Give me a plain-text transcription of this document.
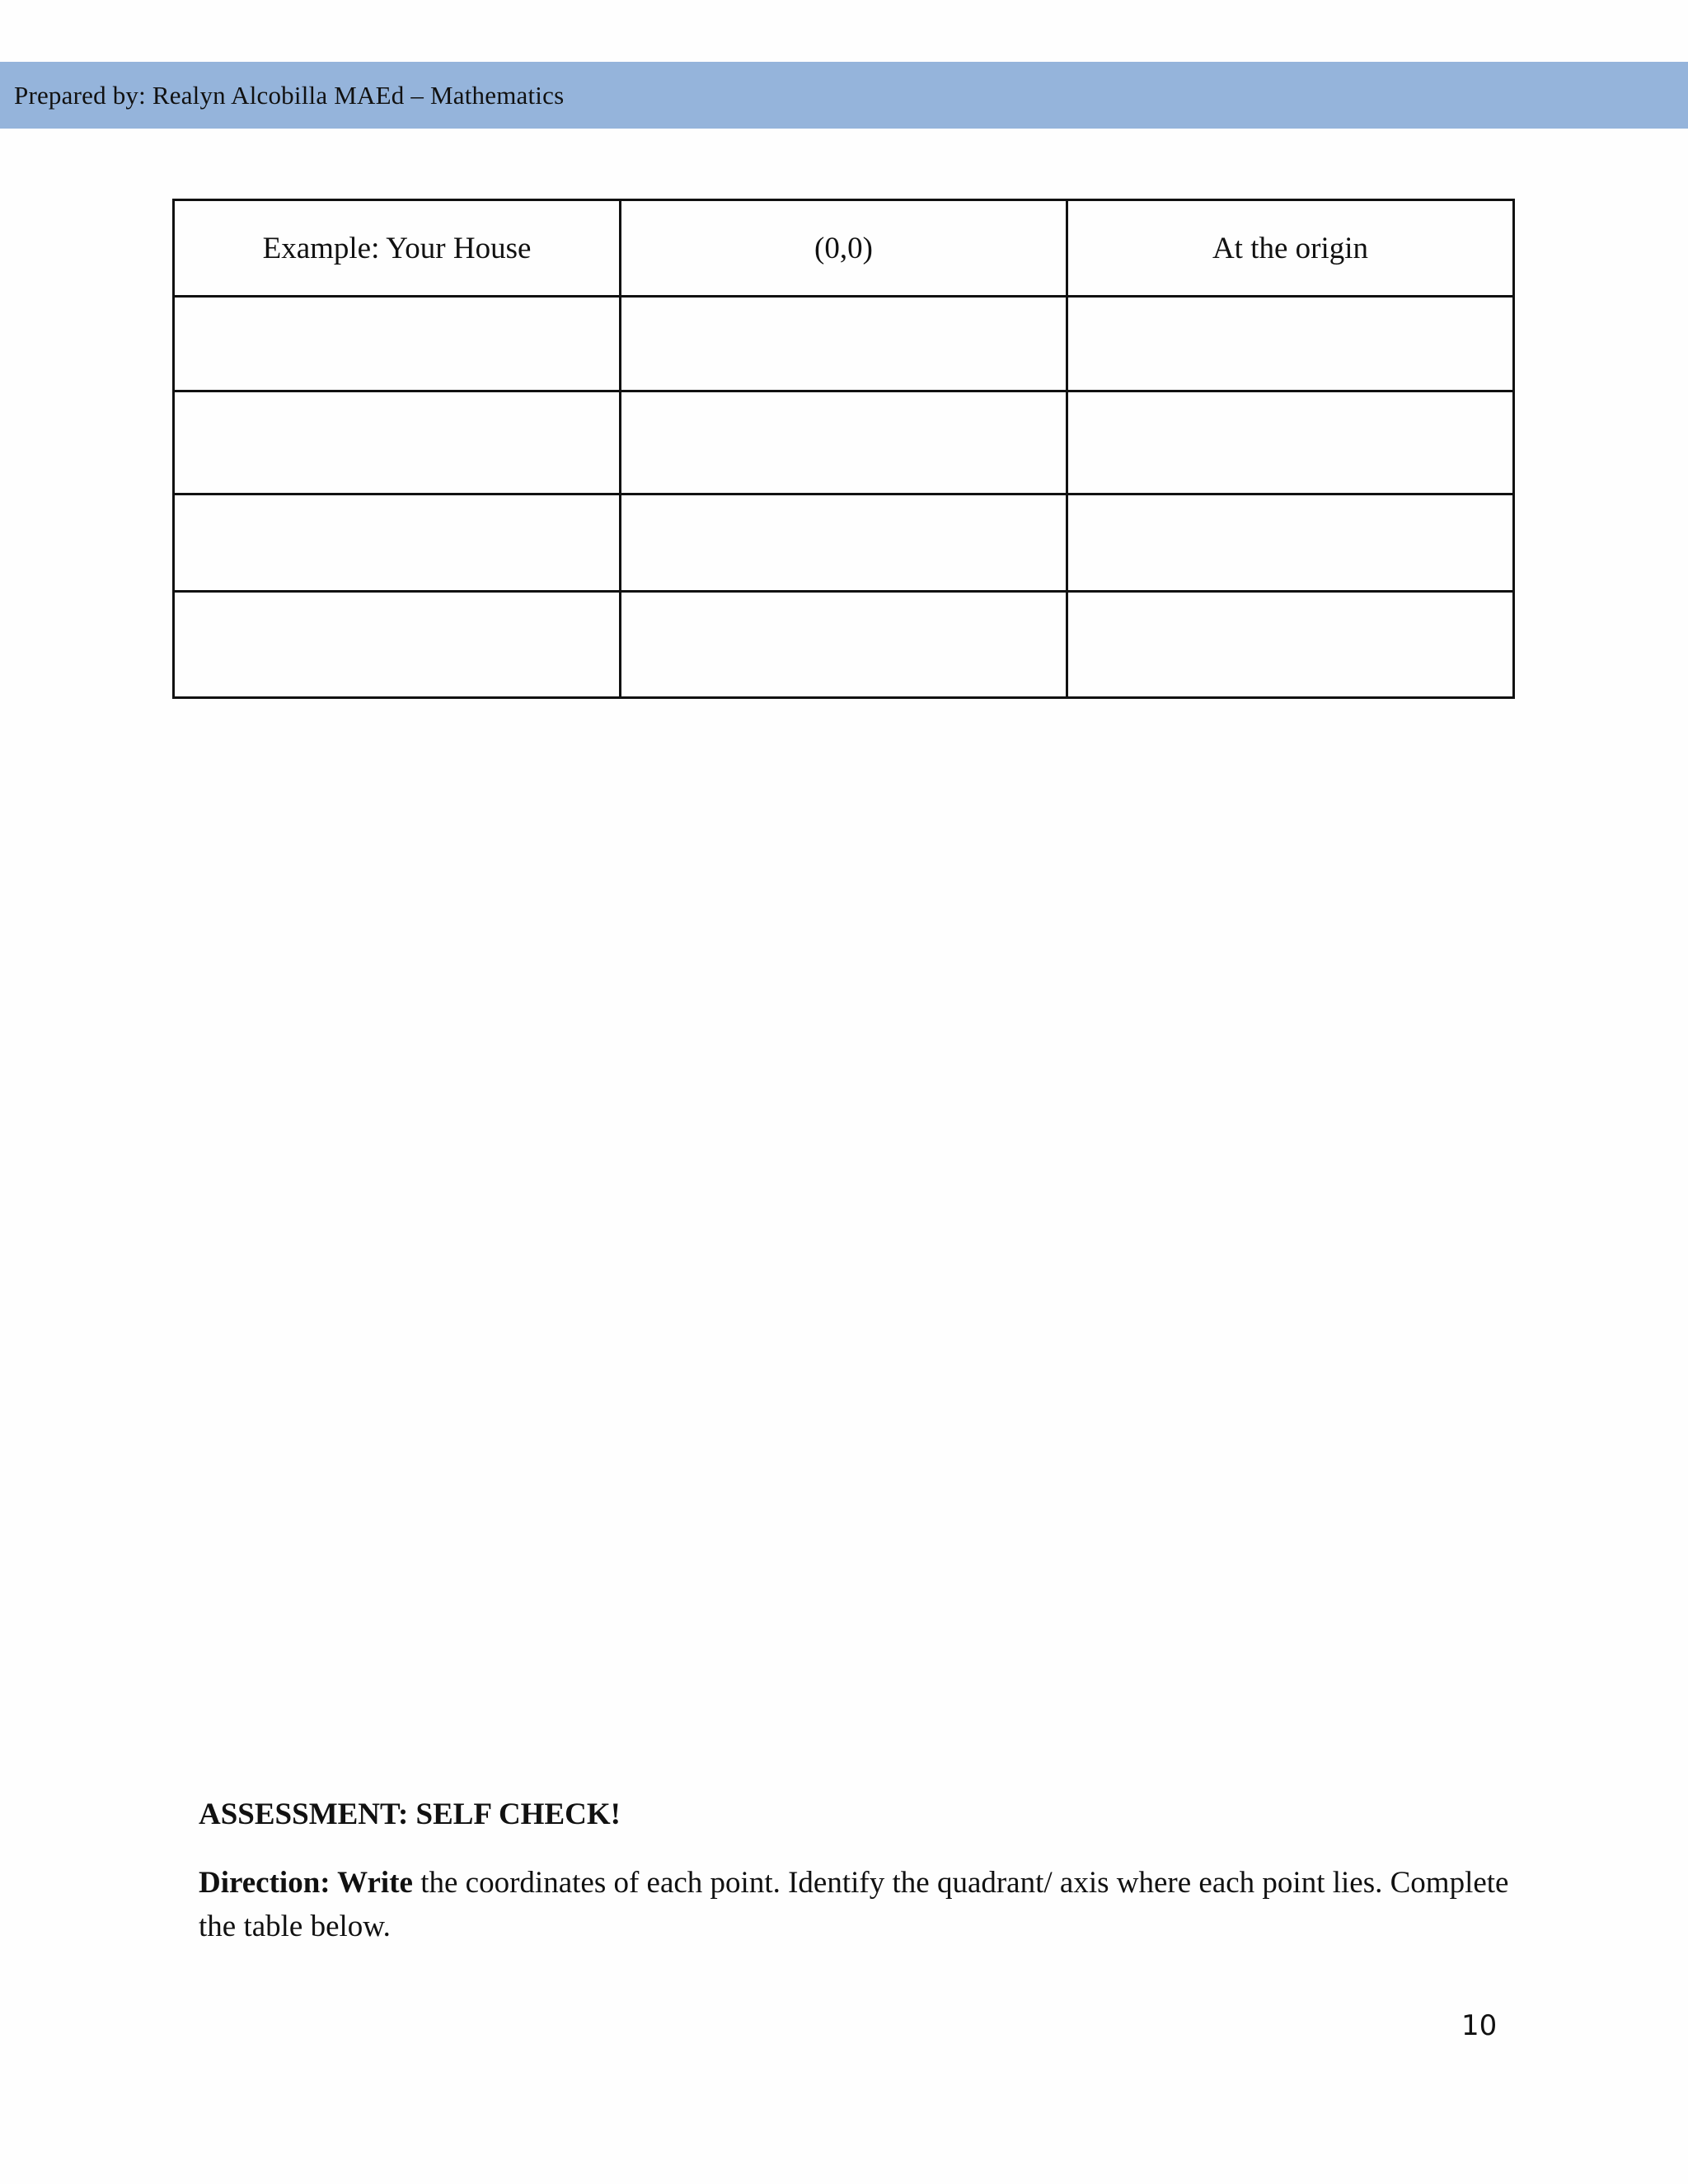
Prepared by: Realyn Alcobilla MAEd – Mathematics
Example: Your House	(0,0)	At the origin

ASSESSMENT: SELF CHECK!
Direction: Write the coordinates of each point. Identify the quadrant/ axis where each point lies. Complete the table below.
10
